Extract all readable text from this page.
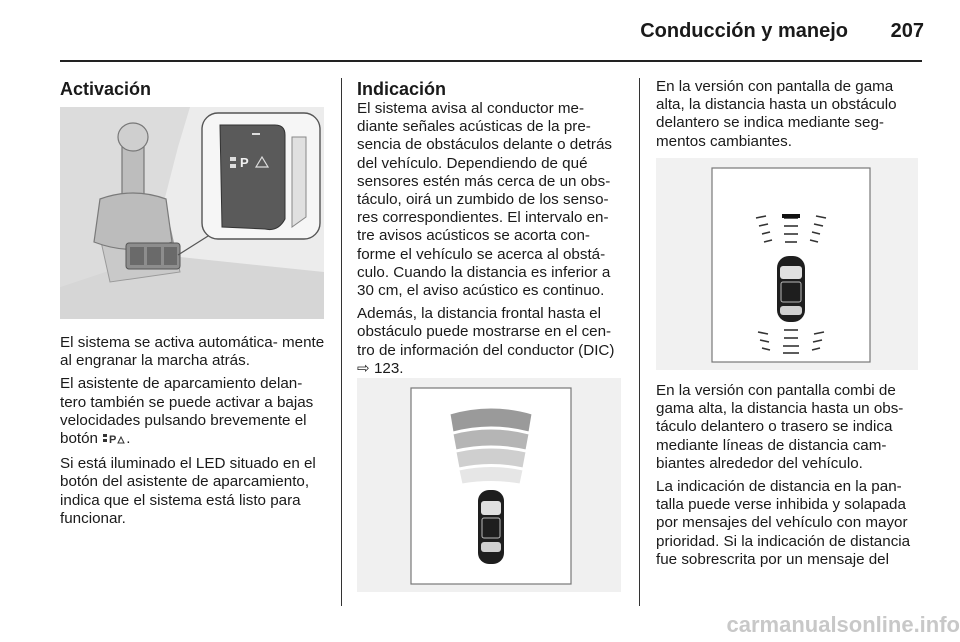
Conducción y manejo	207
Activación
P

El sistema se activa automática- mente al engranar la marcha atrás.

El asistente de aparcamiento delan- tero también se puede activar a bajas velocidades pulsando brevemente el botón P .

Si está iluminado el LED situado en el botón del asistente de aparcamiento, indica que el sistema está listo para funcionar.

Indicación

El sistema avisa al conductor me- diante señales acústicas de la pre- sencia de obstáculos delante o detrás del vehículo. Dependiendo de qué sensores estén más cerca de un obs- táculo, oirá un zumbido de los senso- res correspondientes. El intervalo en- tre avisos acústicos se acorta con- forme el vehículo se acerca al obstá- culo. Cuando la distancia es inferior a 30 cm, el aviso acústico es continuo.

Además, la distancia frontal hasta el obstáculo puede mostrarse en el cen- tro de información del conductor (DIC) ⇨ 123.

En la versión con pantalla de gama alta, la distancia hasta un obstáculo delantero se indica mediante seg- mentos cambiantes.

En la versión con pantalla combi de gama alta, la distancia hasta un obs- táculo delantero o trasero se indica mediante líneas de distancia cam- biantes alrededor del vehículo.

La indicación de distancia en la pan- talla puede verse inhibida y solapada por mensajes del vehículo con mayor prioridad. Si la indicación de distancia fue sobrescrita por un mensaje del

carmanualsonline.info
